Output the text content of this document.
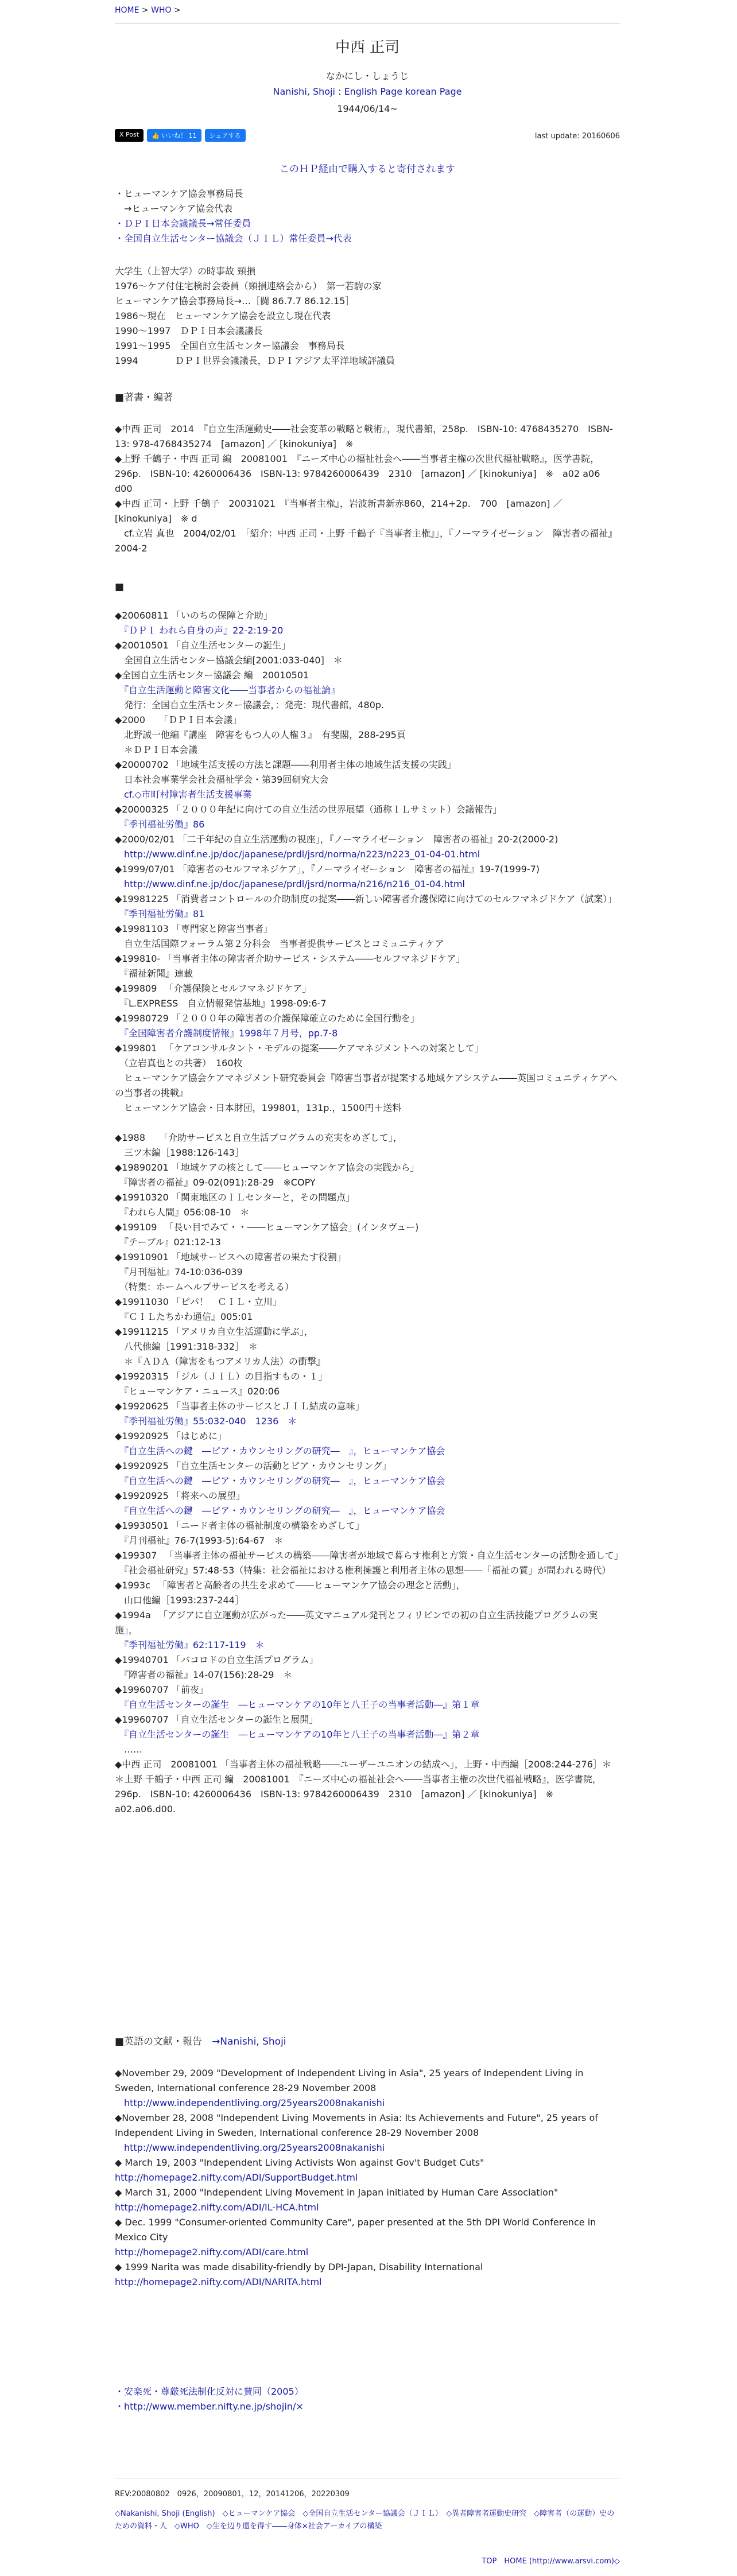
HOME > WHO >
中西 正司
なかにし・しょうじ
Nanishi, Shoji : English Page korean Page
1944/06/14~
X Post	👍 いいね！ 11	シェアする	last update: 20160606
このＨＰ経由で購入すると寄付されます

・ヒューマンケア協会事務局長

　→ヒューマンケア協会代表

・ＤＰＩ日本会議議長→常任委員

・全国自立生活センター協議会（ＪＩＬ）常任委員→代表

大学生（上智大学）の時事故 頸損

1976～ケア付住宅検討会委員（頸損連絡会から）　第一若駒の家

ヒューマンケア協会事務局長→…［闘 86.7.7 86.12.15］

1986～現在　ヒューマンケア協会を設立し現在代表

1990～1997　ＤＰＩ日本会議議長

1991～1995　全国自立生活センター協議会　事務局長

1994　　　　ＤＰＩ世界会議議長，ＤＰＩアジア太平洋地域評議員

■著書・編著

◆中西 正司　2014　『自立生活運動史――社会変革の戦略と戦術』，現代書館，258p.　ISBN-10: 4768435270　ISBN-13: 978-4768435274　[amazon] ／ [kinokuniya]　※

◆上野 千鶴子・中西 正司 編　20081001　『ニーズ中心の福祉社会へ――当事者主権の次世代福祉戦略』，医学書院，296p.　ISBN-10: 4260006436　ISBN-13: 9784260006439　2310　[amazon] ／ [kinokuniya]　※　a02 a06 d00

◆中西 正司・上野 千鶴子　20031021　『当事者主権』，岩波新書新赤860，214+2p.　700　[amazon] ／ [kinokuniya]　※ d

　cf.立岩 真也　2004/02/01　「紹介：中西 正司・上野 千鶴子『当事者主権』」，『ノーマライゼーション　障害者の福祉』2004-2

■

◆20060811 「いのちの保障と介助」

　『ＤＰＩ われら自身の声』22-2:19-20

◆20010501 「自立生活センターの誕生」

　全国自立生活センター協議会編[2001:033-040]　＊

◆全国自立生活センター協議会 編　20010501

　『自立生活運動と障害文化――当事者からの福祉論』

　発行：全国自立生活センター協議会，：発売：現代書館，480p.

◆2000　　「ＤＰＩ日本会議」

　北野誠一他編『講座　障害をもつ人の人権３』　有斐閣，288-295頁

　＊ＤＰＩ日本会議

◆20000702 「地域生活支援の方法と課題――利用者主体の地域生活支援の実践」

　日本社会事業学会社会福祉学会・第39回研究大会

　cf.◇市町村障害者生活支援事業

◆20000325 「２０００年紀に向けての自立生活の世界展望（通称ＩＬサミット）会議報告」

　『季刊福祉労働』86

◆2000/02/01 「二千年紀の自立生活運動の視座」，『ノーマライゼーション　障害者の福祉』20-2(2000-2)

　http://www.dinf.ne.jp/doc/japanese/prdl/jsrd/norma/n223/n223_01-04-01.html

◆1999/07/01 「障害者のセルフマネジケア」，『ノーマライゼーション　障害者の福祉』19-7(1999-7)

　http://www.dinf.ne.jp/doc/japanese/prdl/jsrd/norma/n216/n216_01-04.html

◆19981225 「消費者コントロールの介助制度の提案――新しい障害者介護保障に向けてのセルフマネジドケア（試案）」

　『季刊福祉労働』81

◆19981103 「専門家と障害当事者」

　自立生活国際フォーラム第２分科会　当事者提供サービスとコミュニティケア

◆199810- 「当事者主体の障害者介助サービス・システム――セルフマネジドケア」

　『福祉新聞』連載

◆199809 　「介護保険とセルフマネジドケア」

　『L.EXPRESS　自立情報発信基地』1998-09:6-7

◆19980729 「２０００年の障害者の介護保障確立のために全国行動を」

　『全国障害者介護制度情報』1998年７月号，pp.7-8

◆199801 　「ケアコンサルタント・モデルの提案――ケアマネジメントへの対案として」

　（立岩真也との共著）　160枚

　ヒューマンケア協会ケアマネジメント研究委員会『障害当事者が提案する地域ケアシステム――英国コミュニティケアへの当事者の挑戦』

　ヒューマンケア協会・日本財団，199801，131p.，1500円＋送料

◆1988　　「介助サービスと自立生活プログラムの充実をめざして」，

　三ツ木編［1988:126-143］

◆19890201 「地域ケアの核として――ヒューマンケア協会の実践から」

　『障害者の福祉』09-02(091):28-29　※COPY

◆19910320 「関東地区のＩＬセンターと，その問題点」

　『われら人間』056:08-10　＊

◆199109 　「長い目でみて・・――ヒューマンケア協会」(インタヴュー)

　『テーブル』021:12-13

◆19910901 「地域サービスへの障害者の果たす役割」

　『月刊福祉』74-10:036-039

　（特集：ホームヘルプサービスを考える）

◆19911030 「ピパ！　ＣＩＬ・立川」

　『ＣＩＬたちかわ通信』005:01

◆19911215 「アメリカ自立生活運動に学ぶ」，

　八代他編［1991:318-332］　＊

　＊『ＡＤＡ（障害をもつアメリカ人法）の衝撃』

◆19920315 「ジル（ＪＩＬ）の目指すもの・１」

　『ヒューマンケア・ニュース』020:06

◆19920625 「当事者主体のサービスとＪＩＬ結成の意味」

　『季刊福祉労働』55:032-040　1236　＊

◆19920925 「はじめに」

　『自立生活への鍵　―ピア・カウンセリングの研究―　』，ヒューマンケア協会

◆19920925 「自立生活センターの活動とピア・カウンセリング」

　『自立生活への鍵　―ピア・カウンセリングの研究―　』，ヒューマンケア協会

◆19920925 「将来への展望」

　『自立生活への鍵　―ピア・カウンセリングの研究―　』，ヒューマンケア協会

◆19930501 「ニード者主体の福祉制度の構築をめざして」

　『月刊福祉』76-7(1993-5):64-67　＊

◆199307 　「当事者主体の福祉サービスの構築――障害者が地域で暮らす権利と方策・自立生活センターの活動を通して」

　『社会福祉研究』57:48-53（特集：社会福祉における権利擁護と利用者主体の思想――「福祉の質」が問われる時代）

◆1993c 　「障害者と高齢者の共生を求めて――ヒューマンケア協会の理念と活動」，

　山口他編［1993:237-244］

◆1994a 　「アジアに自立運動が広がった――英文マニュアル発刊とフィリピンでの初の自立生活技能プログラムの実施」，

　『季刊福祉労働』62:117-119　＊

◆19940701 「バコロドの自立生活プログラム」

　『障害者の福祉』14-07(156):28-29　＊

◆19960707 「前夜」

　『自立生活センターの誕生　―ヒューマンケアの10年と八王子の当事者活動―』第１章

◆19960707 「自立生活センターの誕生と展開」

　『自立生活センターの誕生　―ヒューマンケアの10年と八王子の当事者活動―』第２章

　……

◆中西 正司　20081001 「当事者主体の福祉戦略――ユーザーユニオンの結成へ」，上野・中西編［2008:244-276］＊

＊上野 千鶴子・中西 正司 編　20081001　『ニーズ中心の福祉社会へ――当事者主権の次世代福祉戦略』，医学書院，296p.　ISBN-10: 4260006436　ISBN-13: 9784260006439　2310　[amazon] ／ [kinokuniya]　※　a02.a06.d00.

■英語の文献・報告　 →Nanishi, Shoji

◆November 29, 2009 "Development of Independent Living in Asia", 25 years of Independent Living in Sweden, International conference 28-29 November 2008

　http://www.independentliving.org/25years2008nakanishi

◆November 28, 2008 "Independent Living Movements in Asia: Its Achievements and Future", 25 years of Independent Living in Sweden, International conference 28-29 November 2008

　http://www.independentliving.org/25years2008nakanishi

◆ March 19, 2003 "Independent Living Activists Won against Gov't Budget Cuts"

http://homepage2.nifty.com/ADI/SupportBudget.html

◆ March 31, 2000 "Independent Living Movement in Japan initiated by Human Care Association"

http://homepage2.nifty.com/ADI/IL-HCA.html

◆ Dec. 1999 "Consumer-oriented Community Care", paper presented at the 5th DPI World Conference in Mexico City

http://homepage2.nifty.com/ADI/care.html

◆ 1999 Narita was made disability-friendly by DPI-Japan, Disability International

http://homepage2.nifty.com/ADI/NARITA.html

・安楽死・尊厳死法制化反対に賛同（2005）

・http://www.member.nifty.ne.jp/shojin/×

REV:20080802　0926，20090801，12，20141206，20220309
◇Nakanishi, Shoji (English)　◇ヒューマンケア協会　◇全国自立生活センター協議会（ＪＩＬ）　◇異者障害者運動史研究　◇障害者（の運動）史のための資料・人　◇WHO　◇生を辺り還を得す――身体×社会アーカイブの構築
TOP　HOME (http://www.arsvi.com)◇
